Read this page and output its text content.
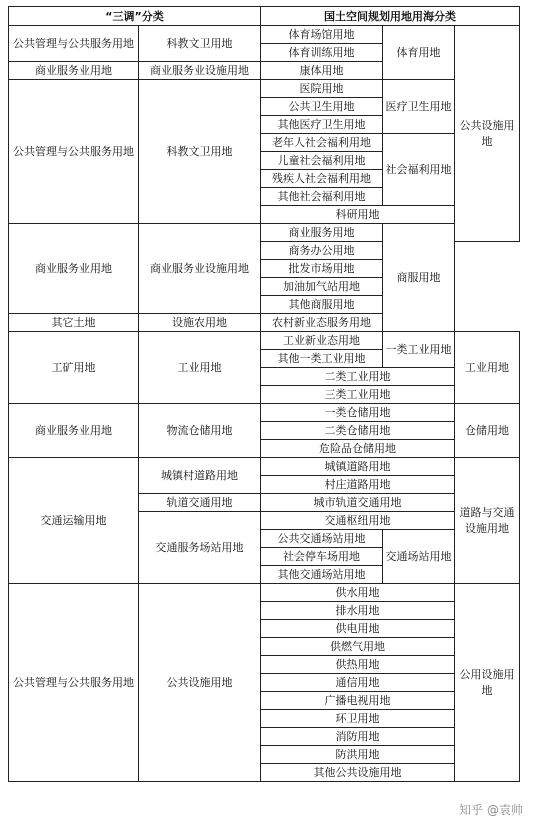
“三调”分类		国土空间规划用地用海分类		
公共管理与公共服务用地	科教文卫用地	体育场馆用地	体育用地	公共设施用地
		体育训练用地		
商业服务业用地	商业服务业设施用地	康体用地		
公共管理与公共服务用地	科教文卫用地	医院用地	医疗卫生用地	
		公共卫生用地		
		其他医疗卫生用地		
		老年人社会福利用地	社会福利用地	
		儿童社会福利用地		
		残疾人社会福利用地		
		其他社会福利用地		
		科研用地		
商业服务业用地	商业服务业设施用地	商业服务用地	商服用地	
		商务办公用地		
		批发市场用地		
		加油加气站用地		
		其他商服用地		
其它土地	设施农用地	农村新业态服务用地		
工矿用地	工业用地	工业新业态用地	一类工业用地	工业用地
		其他一类工业用地		
		二类工业用地		
		三类工业用地		
商业服务业用地	物流仓储用地	一类仓储用地		仓储用地
		二类仓储用地		
		危险品仓储用地		
交通运输用地	城镇村道路用地	城镇道路用地		道路与交通设施用地
		村庄道路用地		
	轨道交通用地	城市轨道交通用地		
	交通服务场站用地	交通枢纽用地		
		公共交通场站用地	交通场站用地	
		社会停车场用地		
		其他交通场站用地		
公共管理与公共服务用地	公共设施用地	供水用地		公用设施用地
		排水用地		
		供电用地		
		供燃气用地		
		供热用地		
		通信用地		
		广播电视用地		
		环卫用地		
		消防用地		
		防洪用地		
		其他公共设施用地		
知乎 @袁帅
